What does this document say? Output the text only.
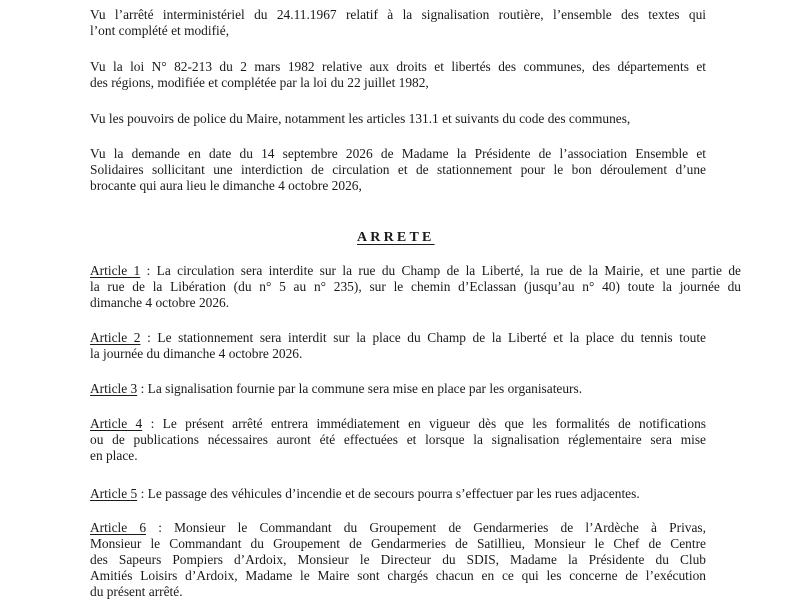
Vu l’arrêté interministériel du 24.11.1967 relatif à la signalisation routière, l’ensemble des textes qui
l’ont complété et modifié,
Vu la loi N° 82-213 du 2 mars 1982 relative aux droits et libertés des communes, des départements et
des régions, modifiée et complétée par la loi du 22 juillet 1982,
Vu les pouvoirs de police du Maire, notamment les articles 131.1 et suivants du code des communes,
Vu la demande en date du 14 septembre 2026 de Madame la Présidente de l’association Ensemble et
Solidaires sollicitant une interdiction de circulation et de stationnement pour le bon déroulement d’une
brocante qui aura lieu le dimanche 4 octobre 2026,
ARRETE
Article 1 : La circulation sera interdite sur la rue du Champ de la Liberté, la rue de la Mairie, et une partie de
la rue de la Libération (du n° 5 au n° 235), sur le chemin d’Eclassan (jusqu’au n° 40) toute la journée du
dimanche 4 octobre 2026.
Article 2 : Le stationnement sera interdit sur la place du Champ de la Liberté et la place du tennis toute
la journée du dimanche 4 octobre 2026.
Article 3 : La signalisation fournie par la commune sera mise en place par les organisateurs.
Article 4 : Le présent arrêté entrera immédiatement en vigueur dès que les formalités de notifications
ou de publications nécessaires auront été effectuées et lorsque la signalisation réglementaire sera mise
en place.
Article 5 : Le passage des véhicules d’incendie et de secours pourra s’effectuer par les rues adjacentes.
Article 6 : Monsieur le Commandant du Groupement de Gendarmeries de l’Ardèche à Privas,
Monsieur le Commandant du Groupement de Gendarmeries de Satillieu, Monsieur le Chef de Centre
des Sapeurs Pompiers d’Ardoix, Monsieur le Directeur du SDIS, Madame la Présidente du Club
Amitiés Loisirs d’Ardoix, Madame le Maire sont chargés chacun en ce qui les concerne de l’exécution
du présent arrêté.
